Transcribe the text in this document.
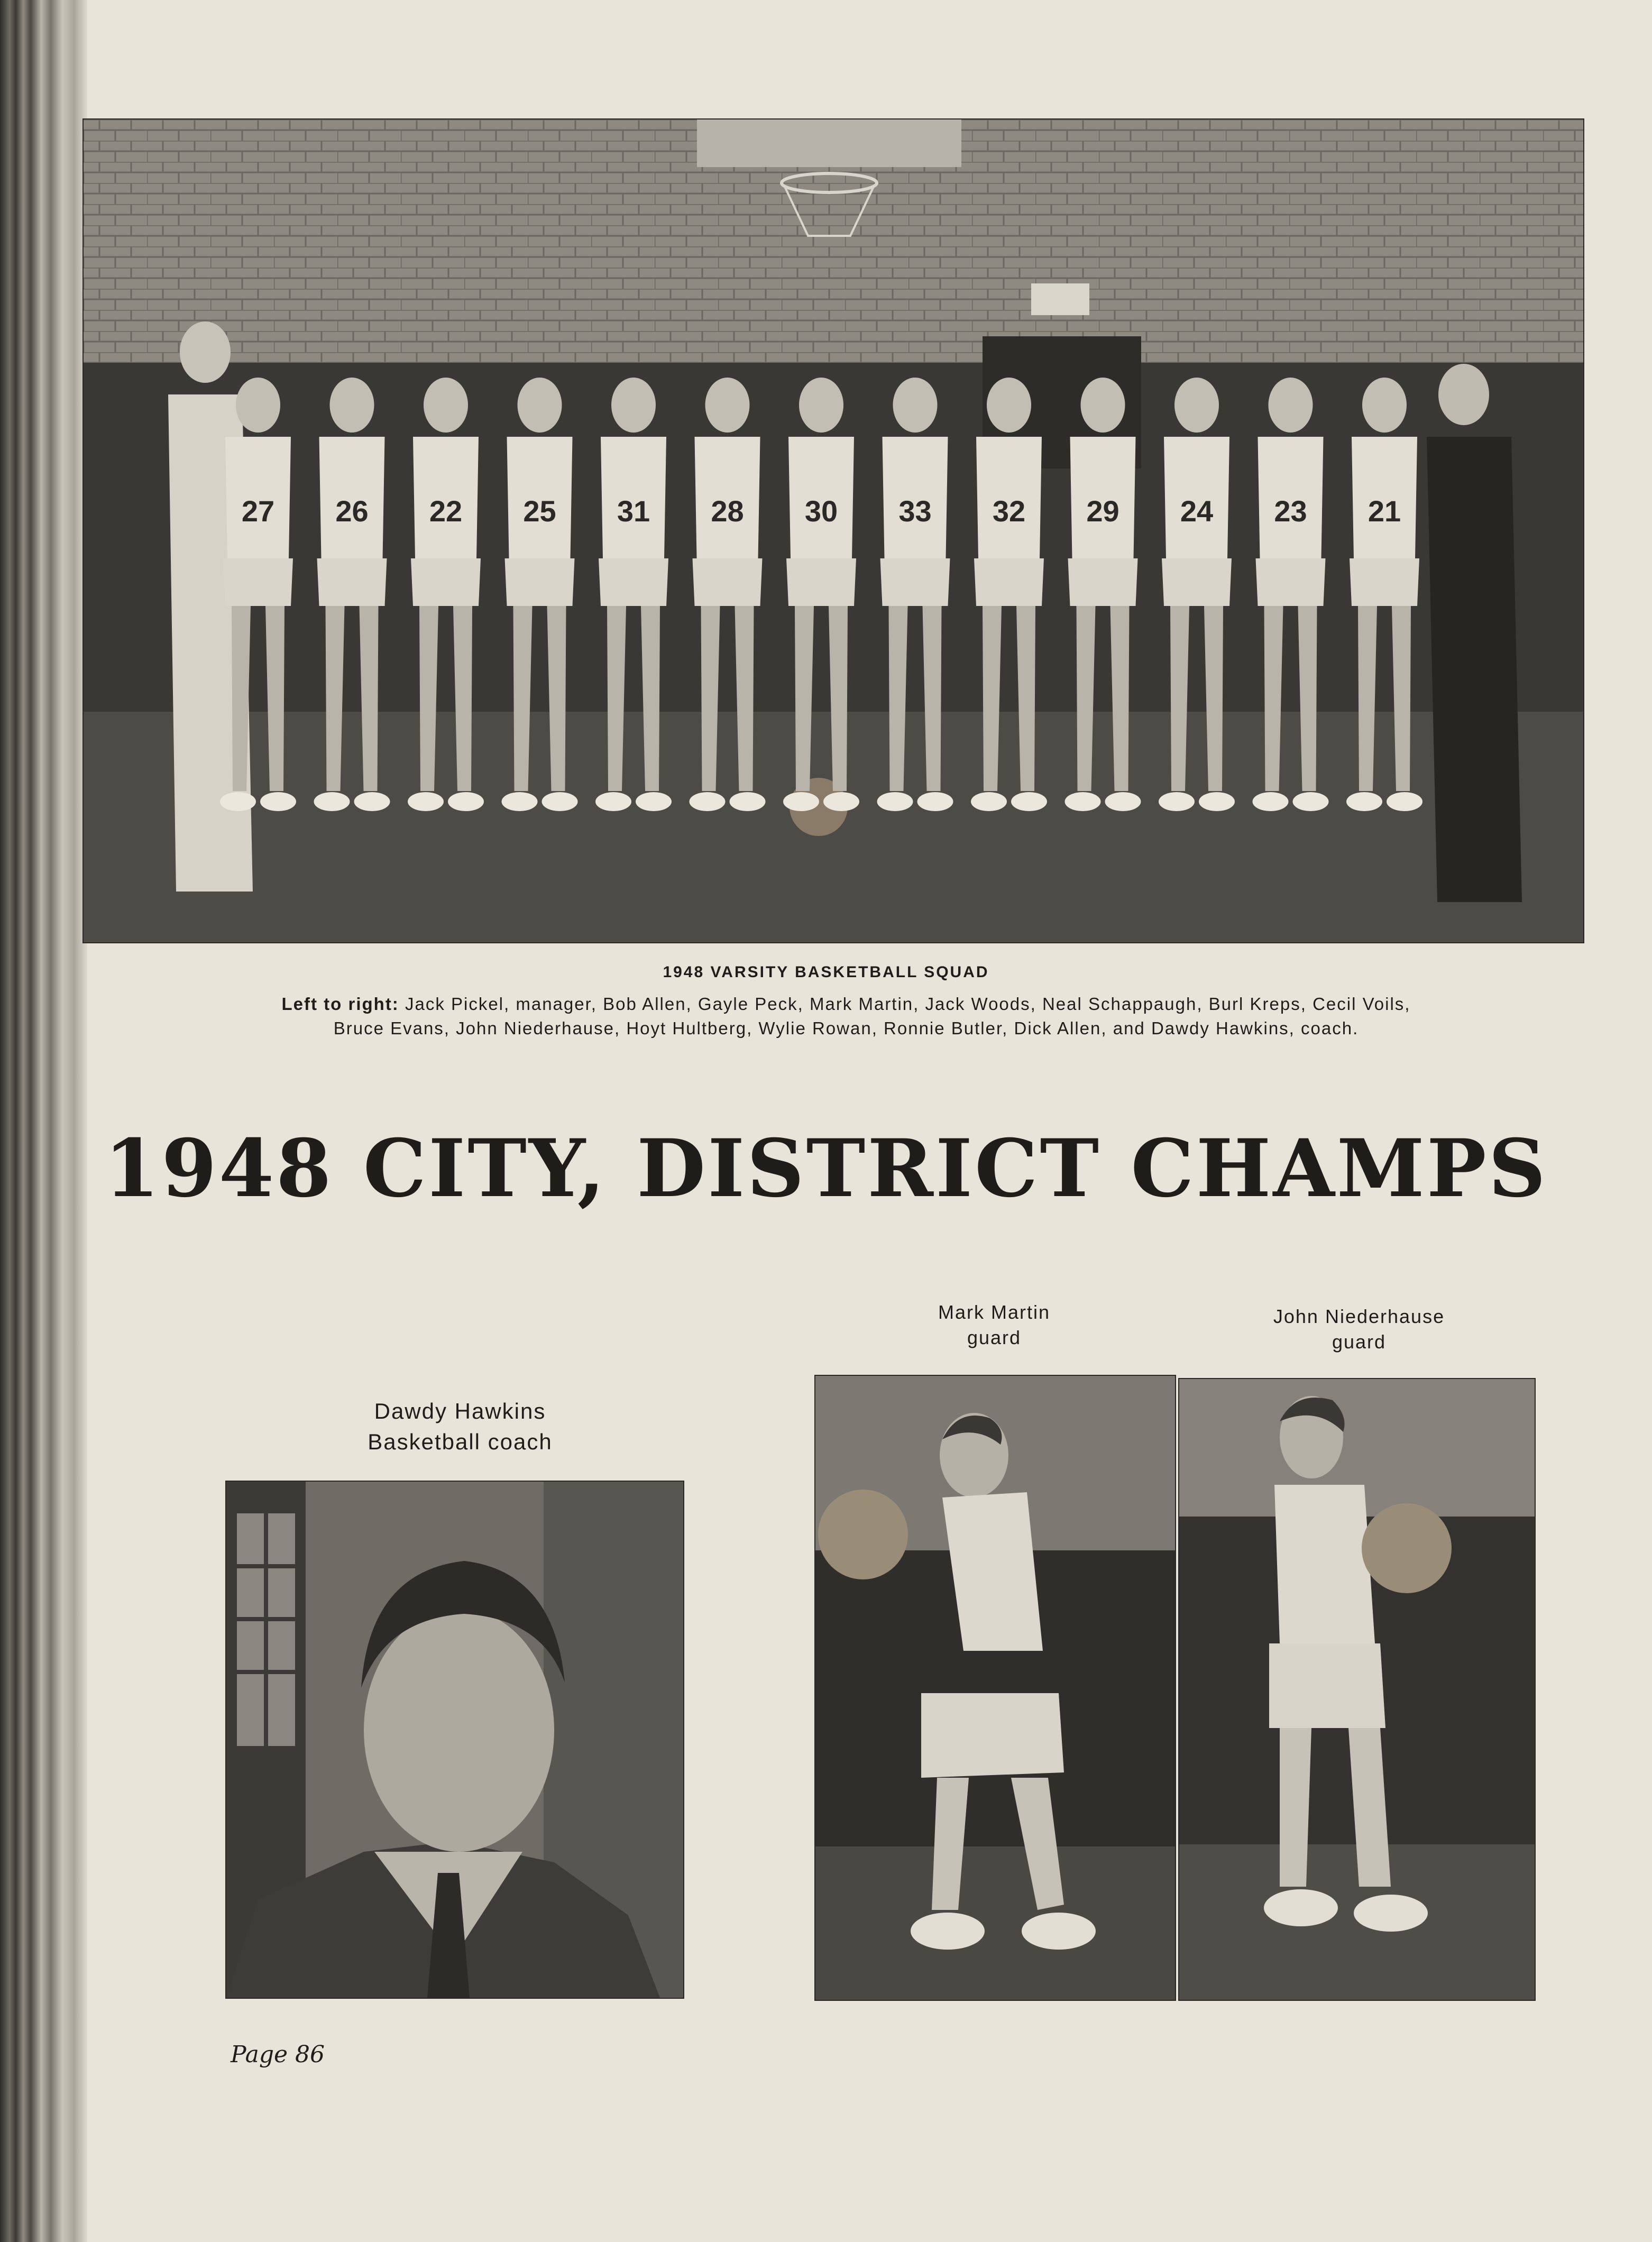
27 26 22 25 31 28 30 33 32 29 24 23 21
1948 VARSITY BASKETBALL SQUAD
Left to right: Jack Pickel, manager, Bob Allen, Gayle Peck, Mark Martin, Jack Woods, Neal Schappaugh, Burl Kreps, Cecil Voils,
Bruce Evans, John Niederhause, Hoyt Hultberg, Wylie Rowan, Ronnie Butler, Dick Allen, and Dawdy Hawkins, coach.
1948 CITY, DISTRICT CHAMPS
Dawdy Hawkins
Basketball coach
Mark Martin
guard
John Niederhause
guard
Page 86
